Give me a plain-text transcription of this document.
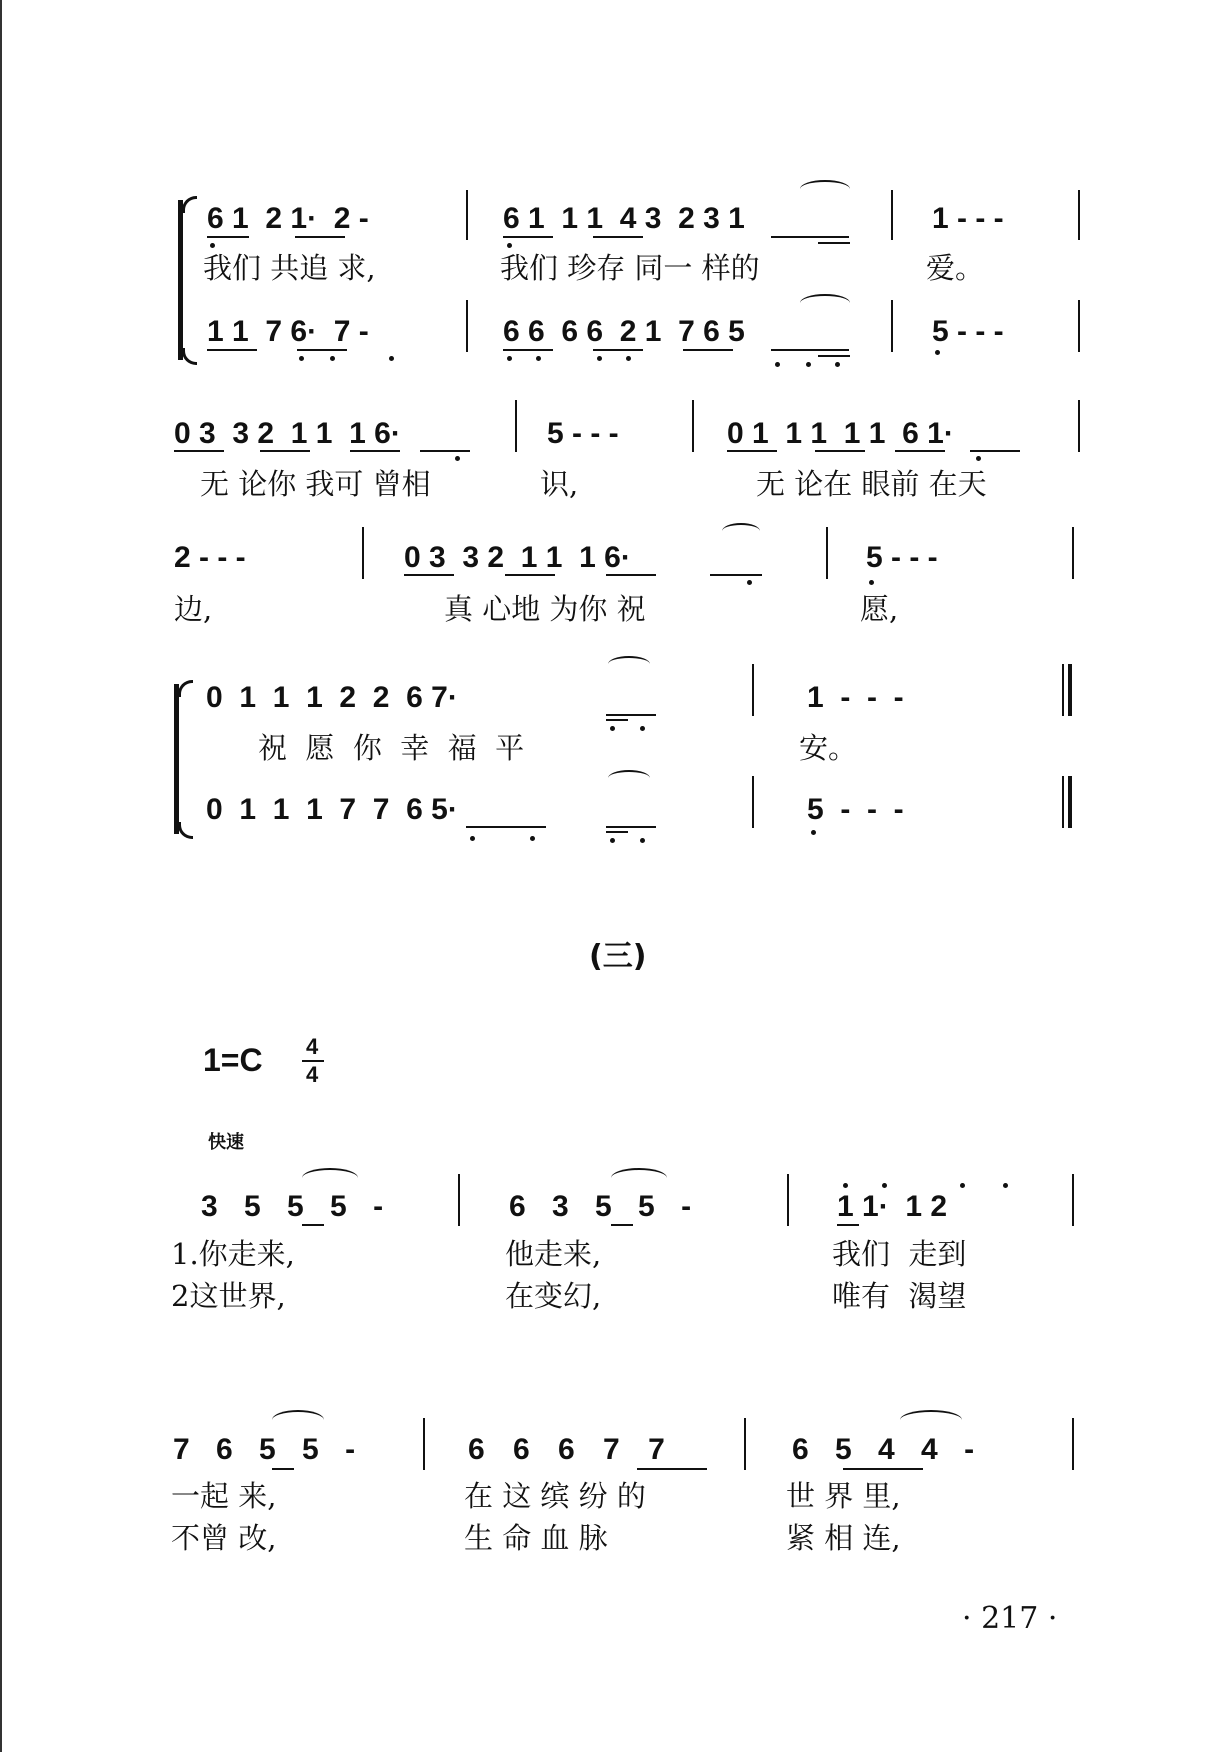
6 1  2 1·  2 -	6 1  1 1  4 3  2 3 1	1 - - -
我们 共追 求,	我们 珍存 同一 样的	爱。
1 1  7 6·  7 -	6 6  6 6  2 1  7 6 5	5 - - -
0 3  3 2  1 1  1 6·	5 - - -	0 1  1 1  1 1  6 1·
无 论你 我可 曾相	识,	无 论在 眼前 在天
2 - - -	0 3  3 2  1 1  1 6·	5 - - -
边,	真 心地 为你 祝	愿,
0  1  1  1  2  2  6 7·	1  -  -  -
祝  愿  你  幸  福  平	安。
0  1  1  1  7  7  6 5·	5  -  -  -
(三)
1=C 4
4
快速
3 5 5 5 -	6 3 5 5 -	1 1·  1 2
1.你走来,	他走来,	我们  走到
2这世界,	在变幻,	唯有  渴望
7 6 5 5 -	6 6 6 7 7	6 5 4 4 -
一起 来,	在 这 缤 纷 的	世 界 里,
不曾 改,	生 命 血 脉	紧 相 连,
· 217 ·
